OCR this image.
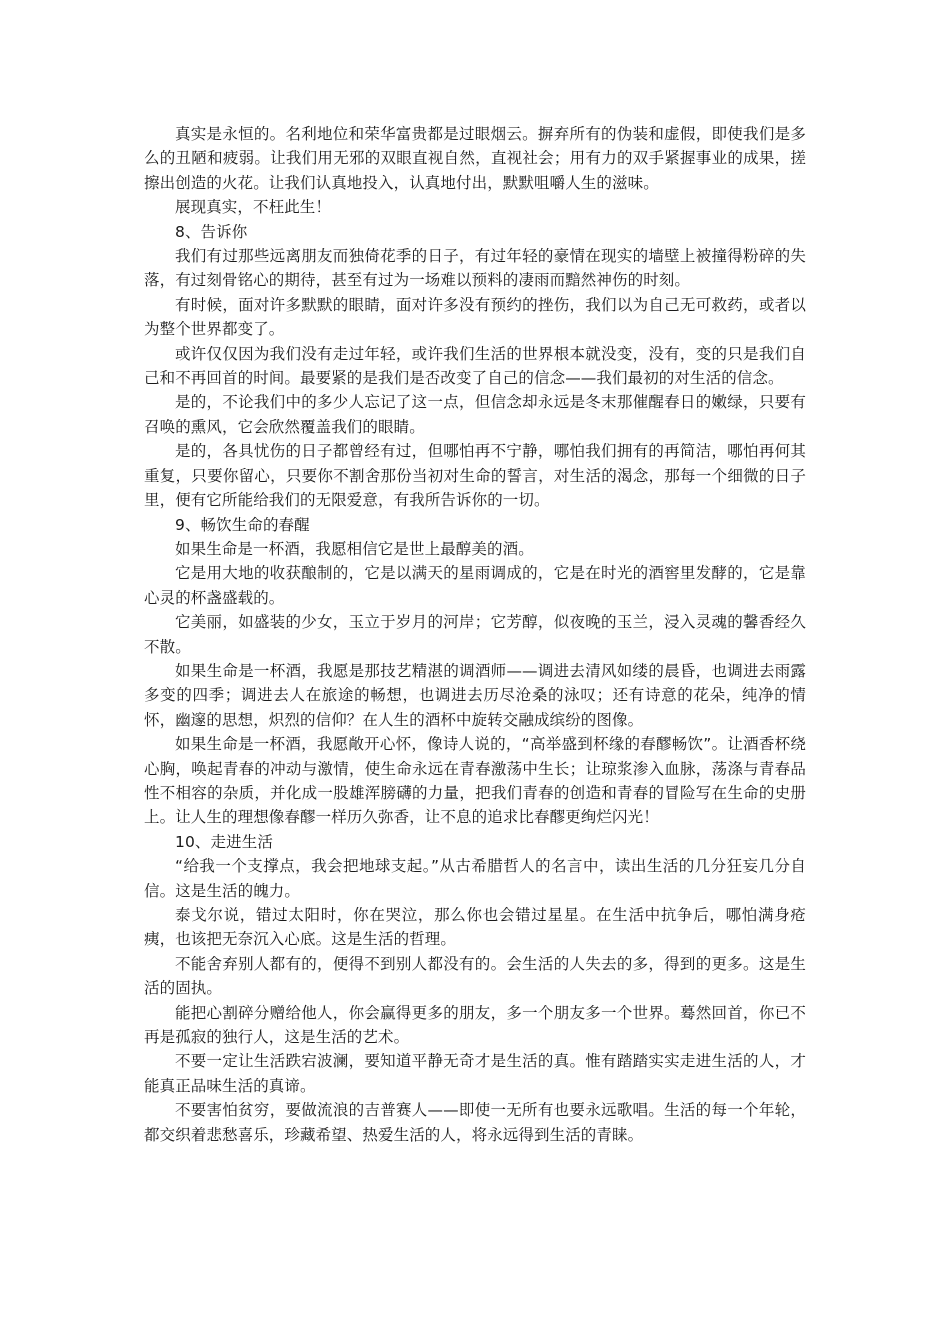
真实是永恒的。名利地位和荣华富贵都是过眼烟云。摒弃所有的伪装和虚假，即使我们是多么的丑陋和疲弱。让我们用无邪的双眼直视自然，直视社会；用有力的双手紧握事业的成果，搓擦出创造的火花。让我们认真地投入，认真地付出，默默咀嚼人生的滋味。

展现真实，不枉此生！

8、告诉你

我们有过那些远离朋友而独倚花季的日子，有过年轻的豪情在现实的墙壁上被撞得粉碎的失落，有过刻骨铭心的期待，甚至有过为一场难以预料的凄雨而黯然神伤的时刻。

有时候，面对许多默默的眼睛，面对许多没有预约的挫伤，我们以为自己无可救药，或者以为整个世界都变了。

或许仅仅因为我们没有走过年轻，或许我们生活的世界根本就没变，没有，变的只是我们自己和不再回首的时间。最要紧的是我们是否改变了自己的信念——我们最初的对生活的信念。

是的，不论我们中的多少人忘记了这一点，但信念却永远是冬末那催醒春日的嫩绿，只要有召唤的熏风，它会欣然覆盖我们的眼睛。

是的，各具忧伤的日子都曾经有过，但哪怕再不宁静，哪怕我们拥有的再简洁，哪怕再何其重复，只要你留心，只要你不割舍那份当初对生命的誓言，对生活的渴念，那每一个细微的日子里，便有它所能给我们的无限爱意，有我所告诉你的一切。

9、畅饮生命的春醒

如果生命是一杯酒，我愿相信它是世上最醇美的酒。

它是用大地的收获酿制的，它是以满天的星雨调成的，它是在时光的酒窖里发酵的，它是靠心灵的杯盏盛载的。

它美丽，如盛装的少女，玉立于岁月的河岸；它芳醇，似夜晚的玉兰，浸入灵魂的馨香经久不散。

如果生命是一杯酒，我愿是那技艺精湛的调酒师——调进去清风如缕的晨昏，也调进去雨露多变的四季；调进去人在旅途的畅想，也调进去历尽沧桑的泳叹；还有诗意的花朵，纯净的情怀，幽邃的思想，炽烈的信仰？在人生的酒杯中旋转交融成缤纷的图像。

如果生命是一杯酒，我愿敞开心怀，像诗人说的，“高举盛到杯缘的春醪畅饮”。让酒香杯绕心胸，唤起青春的冲动与激情，使生命永远在青春激荡中生长；让琼浆渗入血脉，荡涤与青春品性不相容的杂质，并化成一股雄浑膀礴的力量，把我们青春的创造和青春的冒险写在生命的史册上。让人生的理想像春醪一样历久弥香，让不息的追求比春醪更绚烂闪光！

10、走进生活

“给我一个支撑点，我会把地球支起。”从古希腊哲人的名言中，读出生活的几分狂妄几分自信。这是生活的魄力。

泰戈尔说，错过太阳时，你在哭泣，那么你也会错过星星。在生活中抗争后，哪怕满身疮痍，也该把无奈沉入心底。这是生活的哲理。

不能舍弃别人都有的，便得不到别人都没有的。会生活的人失去的多，得到的更多。这是生活的固执。

能把心割碎分赠给他人，你会赢得更多的朋友，多一个朋友多一个世界。蓦然回首，你已不再是孤寂的独行人，这是生活的艺术。

不要一定让生活跌宕波澜，要知道平静无奇才是生活的真。惟有踏踏实实走进生活的人，才能真正品味生活的真谛。

不要害怕贫穷，要做流浪的吉普赛人——即使一无所有也要永远歌唱。生活的每一个年轮，都交织着悲愁喜乐，珍藏希望、热爱生活的人，将永远得到生活的青睐。
